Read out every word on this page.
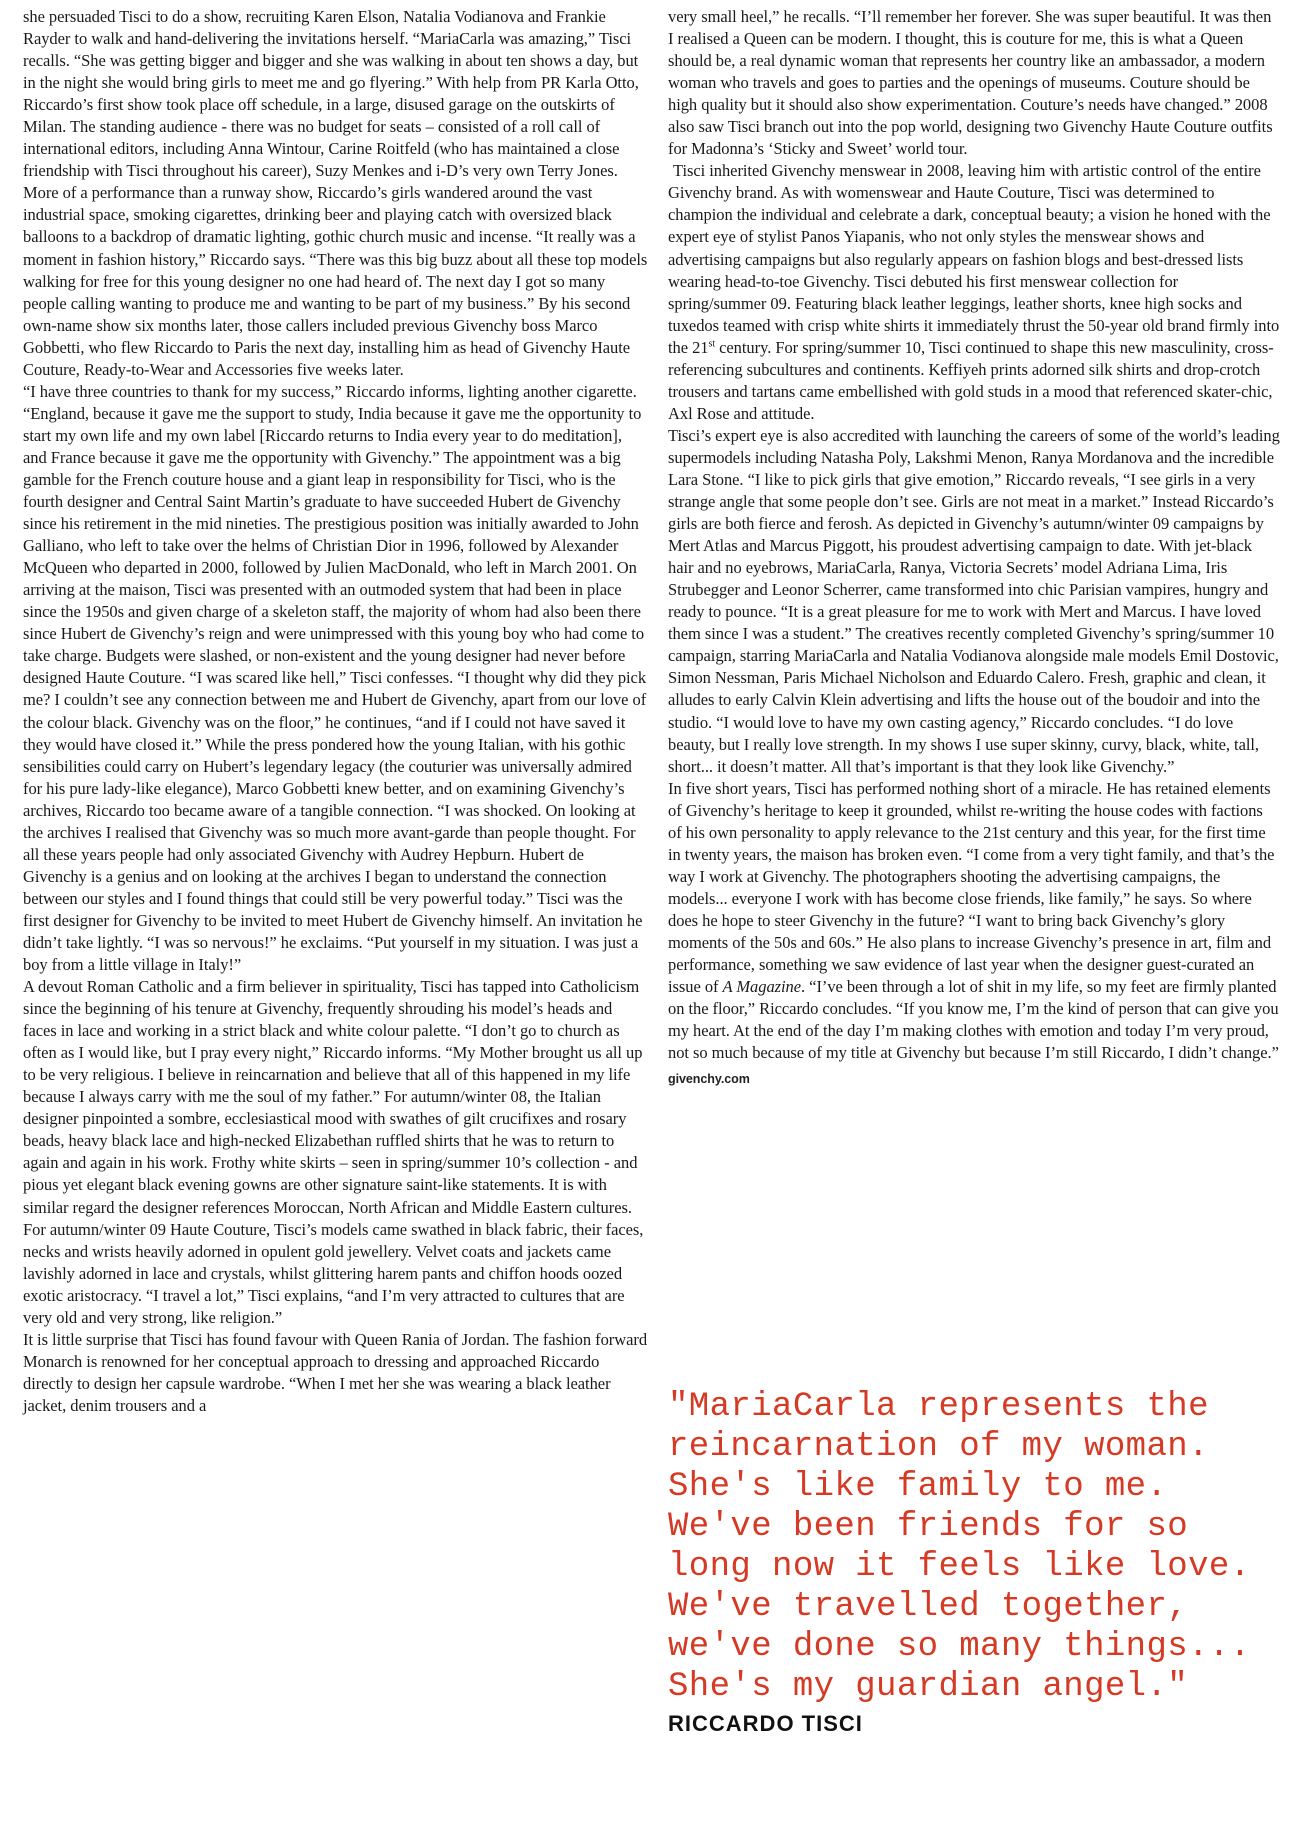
she persuaded Tisci to do a show, recruiting Karen Elson, Natalia Vodianova and Frankie Rayder to walk and hand-delivering the invitations herself. “MariaCarla was amazing,” Tisci recalls. “She was getting bigger and bigger and she was walking in about ten shows a day, but in the night she would bring girls to meet me and go flyering.” With help from PR Karla Otto, Riccardo’s first show took place off schedule, in a large, disused garage on the outskirts of Milan. The standing audience - there was no budget for seats – consisted of a roll call of international editors, including Anna Wintour, Carine Roitfeld (who has maintained a close friendship with Tisci throughout his career), Suzy Menkes and i-D’s very own Terry Jones. More of a performance than a runway show, Riccardo’s girls wandered around the vast industrial space, smoking cigarettes, drinking beer and playing catch with oversized black balloons to a backdrop of dramatic lighting, gothic church music and incense. “It really was a moment in fashion history,” Riccardo says. “There was this big buzz about all these top models walking for free for this young designer no one had heard of. The next day I got so many people calling wanting to produce me and wanting to be part of my business.” By his second own-name show six months later, those callers included previous Givenchy boss Marco Gobbetti, who flew Riccardo to Paris the next day, installing him as head of Givenchy Haute Couture, Ready-to-Wear and Accessories five weeks later.

“I have three countries to thank for my success,” Riccardo informs, lighting another cigarette. “England, because it gave me the support to study, India because it gave me the opportunity to start my own life and my own label [Riccardo returns to India every year to do meditation], and France because it gave me the opportunity with Givenchy.” The appointment was a big gamble for the French couture house and a giant leap in responsibility for Tisci, who is the fourth designer and Central Saint Martin’s graduate to have succeeded Hubert de Givenchy since his retirement in the mid nineties. The prestigious position was initially awarded to John Galliano, who left to take over the helms of Christian Dior in 1996, followed by Alexander McQueen who departed in 2000, followed by Julien MacDonald, who left in March 2001. On arriving at the maison, Tisci was presented with an outmoded system that had been in place since the 1950s and given charge of a skeleton staff, the majority of whom had also been there since Hubert de Givenchy’s reign and were unimpressed with this young boy who had come to take charge. Budgets were slashed, or non-existent and the young designer had never before designed Haute Couture. “I was scared like hell,” Tisci confesses. “I thought why did they pick me? I couldn’t see any connection between me and Hubert de Givenchy, apart from our love of the colour black. Givenchy was on the floor,” he continues, “and if I could not have saved it they would have closed it.” While the press pondered how the young Italian, with his gothic sensibilities could carry on Hubert’s legendary legacy (the couturier was universally admired for his pure lady-like elegance), Marco Gobbetti knew better, and on examining Givenchy’s archives, Riccardo too became aware of a tangible connection. “I was shocked. On looking at the archives I realised that Givenchy was so much more avant-garde than people thought. For all these years people had only associated Givenchy with Audrey Hepburn. Hubert de Givenchy is a genius and on looking at the archives I began to understand the connection between our styles and I found things that could still be very powerful today.” Tisci was the first designer for Givenchy to be invited to meet Hubert de Givenchy himself. An invitation he didn’t take lightly. “I was so nervous!” he exclaims. “Put yourself in my situation. I was just a boy from a little village in Italy!”

A devout Roman Catholic and a firm believer in spirituality, Tisci has tapped into Catholicism since the beginning of his tenure at Givenchy, frequently shrouding his model’s heads and faces in lace and working in a strict black and white colour palette. “I don’t go to church as often as I would like, but I pray every night,” Riccardo informs. “My Mother brought us all up to be very religious. I believe in reincarnation and believe that all of this happened in my life because I always carry with me the soul of my father.” For autumn/winter 08, the Italian designer pinpointed a sombre, ecclesiastical mood with swathes of gilt crucifixes and rosary beads, heavy black lace and high-necked Elizabethan ruffled shirts that he was to return to again and again in his work. Frothy white skirts – seen in spring/summer 10’s collection - and pious yet elegant black evening gowns are other signature saint-like statements. It is with similar regard the designer references Moroccan, North African and Middle Eastern cultures. For autumn/winter 09 Haute Couture, Tisci’s models came swathed in black fabric, their faces, necks and wrists heavily adorned in opulent gold jewellery. Velvet coats and jackets came lavishly adorned in lace and crystals, whilst glittering harem pants and chiffon hoods oozed exotic aristocracy. “I travel a lot,” Tisci explains, “and I’m very attracted to cultures that are very old and very strong, like religion.”

It is little surprise that Tisci has found favour with Queen Rania of Jordan. The fashion forward Monarch is renowned for her conceptual approach to dressing and approached Riccardo directly to design her capsule wardrobe. “When I met her she was wearing a black leather jacket, denim trousers and a

very small heel,” he recalls. “I’ll remember her forever. She was super beautiful. It was then I realised a Queen can be modern. I thought, this is couture for me, this is what a Queen should be, a real dynamic woman that represents her country like an ambassador, a modern woman who travels and goes to parties and the openings of museums. Couture should be high quality but it should also show experimentation. Couture’s needs have changed.” 2008 also saw Tisci branch out into the pop world, designing two Givenchy Haute Couture outfits for Madonna’s ‘Sticky and Sweet’ world tour.

Tisci inherited Givenchy menswear in 2008, leaving him with artistic control of the entire Givenchy brand. As with womenswear and Haute Couture, Tisci was determined to champion the individual and celebrate a dark, conceptual beauty; a vision he honed with the expert eye of stylist Panos Yiapanis, who not only styles the menswear shows and advertising campaigns but also regularly appears on fashion blogs and best-dressed lists wearing head-to-toe Givenchy. Tisci debuted his first menswear collection for spring/summer 09. Featuring black leather leggings, leather shorts, knee high socks and tuxedos teamed with crisp white shirts it immediately thrust the 50-year old brand firmly into the 21st century. For spring/summer 10, Tisci continued to shape this new masculinity, cross-referencing subcultures and continents. Keffiyeh prints adorned silk shirts and drop-crotch trousers and tartans came embellished with gold studs in a mood that referenced skater-chic, Axl Rose and attitude.

Tisci’s expert eye is also accredited with launching the careers of some of the world’s leading supermodels including Natasha Poly, Lakshmi Menon, Ranya Mordanova and the incredible Lara Stone. “I like to pick girls that give emotion,” Riccardo reveals, “I see girls in a very strange angle that some people don’t see. Girls are not meat in a market.” Instead Riccardo’s girls are both fierce and ferosh. As depicted in Givenchy’s autumn/winter 09 campaigns by Mert Atlas and Marcus Piggott, his proudest advertising campaign to date. With jet-black hair and no eyebrows, MariaCarla, Ranya, Victoria Secrets’ model Adriana Lima, Iris Strubegger and Leonor Scherrer, came transformed into chic Parisian vampires, hungry and ready to pounce. “It is a great pleasure for me to work with Mert and Marcus. I have loved them since I was a student.” The creatives recently completed Givenchy’s spring/summer 10 campaign, starring MariaCarla and Natalia Vodianova alongside male models Emil Dostovic, Simon Nessman, Paris Michael Nicholson and Eduardo Calero. Fresh, graphic and clean, it alludes to early Calvin Klein advertising and lifts the house out of the boudoir and into the studio. “I would love to have my own casting agency,” Riccardo concludes. “I do love beauty, but I really love strength. In my shows I use super skinny, curvy, black, white, tall, short... it doesn’t matter. All that’s important is that they look like Givenchy.”

In five short years, Tisci has performed nothing short of a miracle. He has retained elements of Givenchy’s heritage to keep it grounded, whilst re-writing the house codes with factions of his own personality to apply relevance to the 21st century and this year, for the first time in twenty years, the maison has broken even. “I come from a very tight family, and that’s the way I work at Givenchy. The photographers shooting the advertising campaigns, the models... everyone I work with has become close friends, like family,” he says. So where does he hope to steer Givenchy in the future? “I want to bring back Givenchy’s glory moments of the 50s and 60s.” He also plans to increase Givenchy’s presence in art, film and performance, something we saw evidence of last year when the designer guest-curated an issue of A Magazine. “I’ve been through a lot of shit in my life, so my feet are firmly planted on the floor,” Riccardo concludes. “If you know me, I’m the kind of person that can give you my heart. At the end of the day I’m making clothes with emotion and today I’m very proud, not so much because of my title at Givenchy but because I’m still Riccardo, I didn’t change.”

givenchy.com

"MariaCarla represents the reincarnation of my woman. She's like family to me. We've been friends for so long now it feels like love. We've travelled together, we've done so many things... She's my guardian angel."

RICCARDO TISCI
